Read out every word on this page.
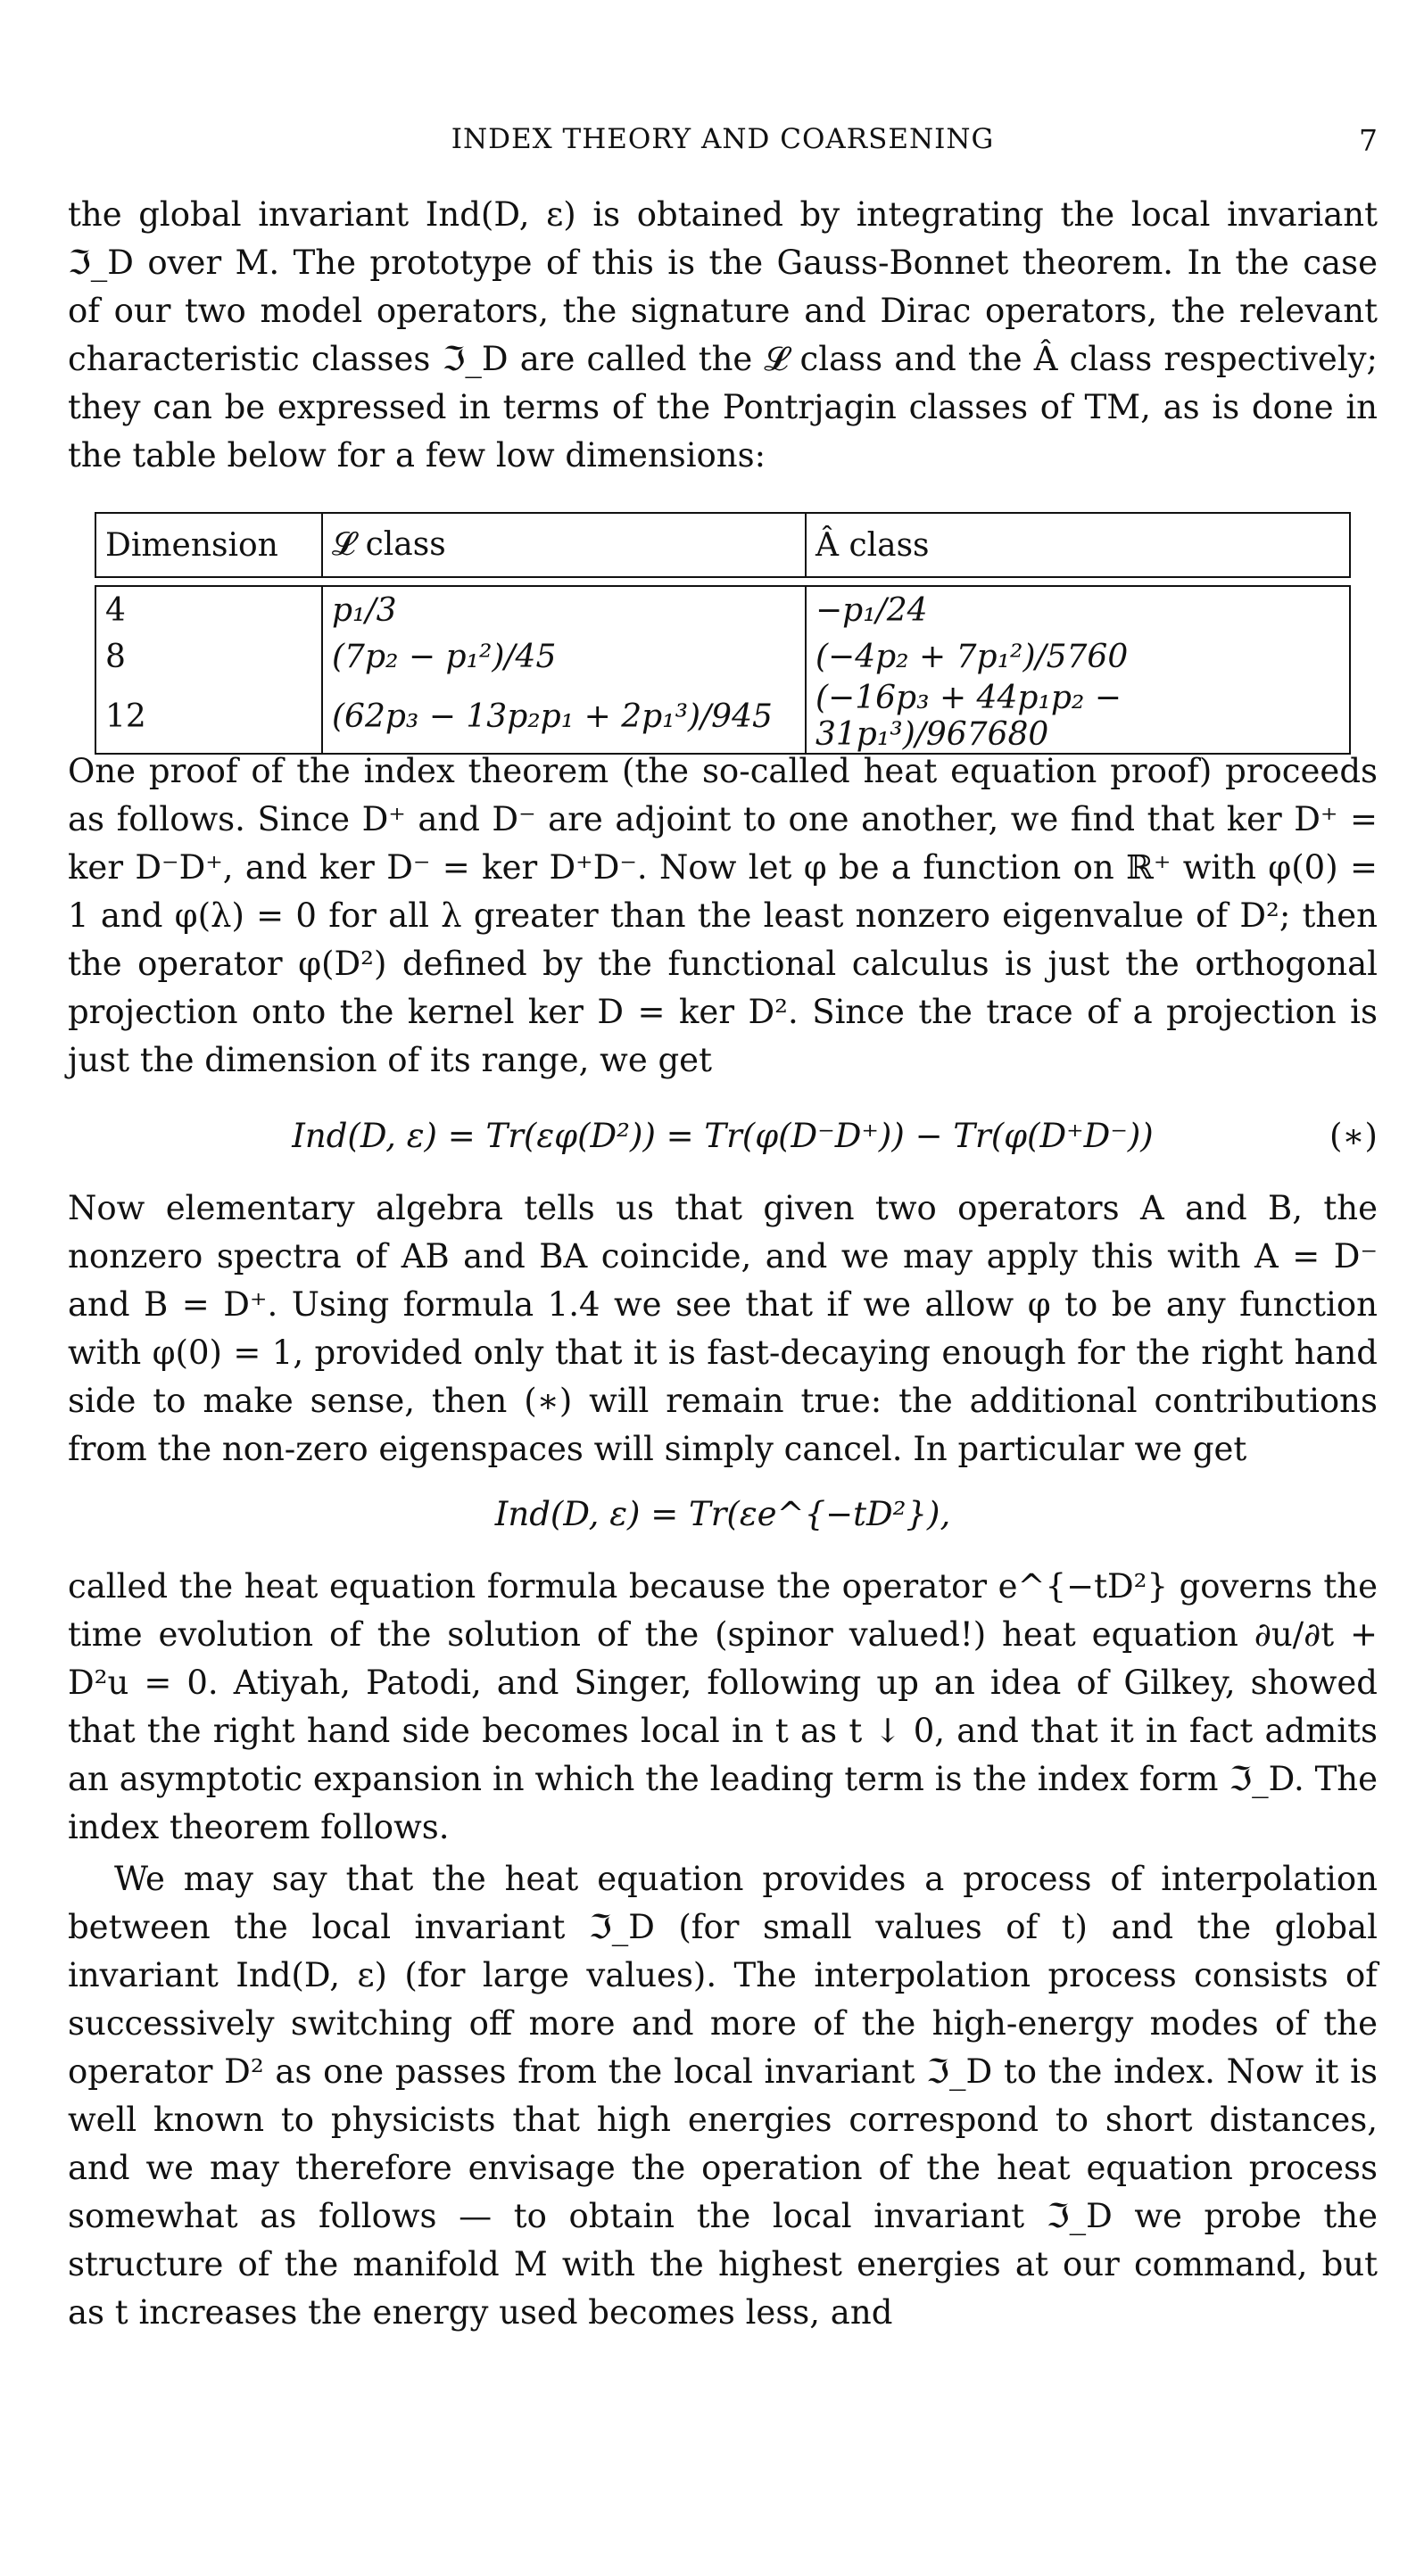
INDEX THEORY AND COARSENING	7

the global invariant Ind(D, ε) is obtained by integrating the local invariant ℑ_D over M. The prototype of this is the Gauss-Bonnet theorem. In the case of our two model operators, the signature and Dirac operators, the relevant characteristic classes ℑ_D are called the 𝓛 class and the Â class respectively; they can be expressed in terms of the Pontrjagin classes of TM, as is done in the table below for a few low dimensions:

Dimension	𝓛 class	Â class

4	p₁/3	−p₁/24
8	(7p₂ − p₁²)/45	(−4p₂ + 7p₁²)/5760
12	(62p₃ − 13p₂p₁ + 2p₁³)/945	(−16p₃ + 44p₁p₂ − 31p₁³)/967680

One proof of the index theorem (the so-called heat equation proof) proceeds as follows. Since D⁺ and D⁻ are adjoint to one another, we find that ker D⁺ = ker D⁻D⁺, and ker D⁻ = ker D⁺D⁻. Now let φ be a function on ℝ⁺ with φ(0) = 1 and φ(λ) = 0 for all λ greater than the least nonzero eigenvalue of D²; then the operator φ(D²) defined by the functional calculus is just the orthogonal projection onto the kernel ker D = ker D². Since the trace of a projection is just the dimension of its range, we get

Ind(D, ε) = Tr(εφ(D²)) = Tr(φ(D⁻D⁺)) − Tr(φ(D⁺D⁻))	(∗)

Now elementary algebra tells us that given two operators A and B, the nonzero spectra of AB and BA coincide, and we may apply this with A = D⁻ and B = D⁺. Using formula 1.4 we see that if we allow φ to be any function with φ(0) = 1, provided only that it is fast-decaying enough for the right hand side to make sense, then (∗) will remain true: the additional contributions from the non-zero eigenspaces will simply cancel. In particular we get

Ind(D, ε) = Tr(εe^{−tD²}),

called the heat equation formula because the operator e^{−tD²} governs the time evolution of the solution of the (spinor valued!) heat equation ∂u/∂t + D²u = 0. Atiyah, Patodi, and Singer, following up an idea of Gilkey, showed that the right hand side becomes local in t as t ↓ 0, and that it in fact admits an asymptotic expansion in which the leading term is the index form ℑ_D. The index theorem follows.

We may say that the heat equation provides a process of interpolation between the local invariant ℑ_D (for small values of t) and the global invariant Ind(D, ε) (for large values). The interpolation process consists of successively switching off more and more of the high-energy modes of the operator D² as one passes from the local invariant ℑ_D to the index. Now it is well known to physicists that high energies correspond to short distances, and we may therefore envisage the operation of the heat equation process somewhat as follows — to obtain the local invariant ℑ_D we probe the structure of the manifold M with the highest energies at our command, but as t increases the energy used becomes less, and
